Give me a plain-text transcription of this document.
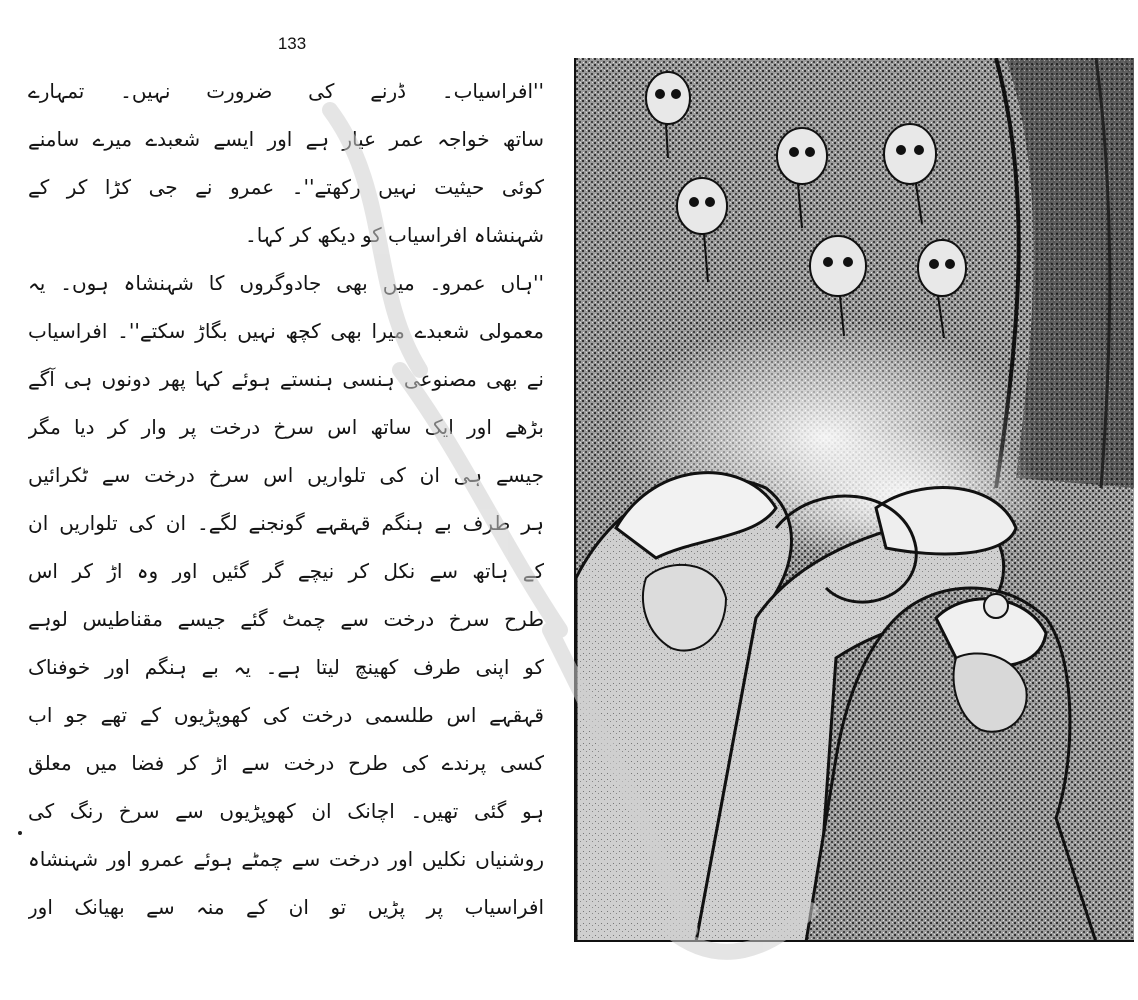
133
''افراسیاب۔ ڈرنے کی ضرورت نہیں۔ تمہارے
ساتھ خواجہ عمر عیار ہے اور ایسے شعبدے میرے سامنے
کوئی حیثیت نہیں رکھتے''۔ عمرو نے جی کڑا کر کے
شہنشاہ افراسیاب کو دیکھ کر کہا۔
''ہاں عمرو۔ میں بھی جادوگروں کا شہنشاہ ہوں۔ یہ
معمولی شعبدے میرا بھی کچھ نہیں بگاڑ سکتے''۔ افراسیاب
نے بھی مصنوعی ہنسی ہنستے ہوئے کہا پھر دونوں ہی آگے
بڑھے اور ایک ساتھ اس سرخ درخت پر وار کر دیا مگر
جیسے ہی ان کی تلواریں اس سرخ درخت سے ٹکرائیں
ہر طرف بے ہنگم قہقہے گونجنے لگے۔ ان کی تلواریں ان
کے ہاتھ سے نکل کر نیچے گر گئیں اور وہ اڑ کر اس
طرح سرخ درخت سے چمٹ گئے جیسے مقناطیس لوہے
کو اپنی طرف کھینچ لیتا ہے۔ یہ بے ہنگم اور خوفناک
قہقہے اس طلسمی درخت کی کھوپڑیوں کے تھے جو اب
کسی پرندے کی طرح درخت سے اڑ کر فضا میں معلق
ہو گئی تھیں۔ اچانک ان کھوپڑیوں سے سرخ رنگ کی
روشنیاں نکلیں اور درخت سے چمٹے ہوئے عمرو اور شہنشاہ
افراسیاب پر پڑیں تو ان کے منہ سے بھیانک اور
